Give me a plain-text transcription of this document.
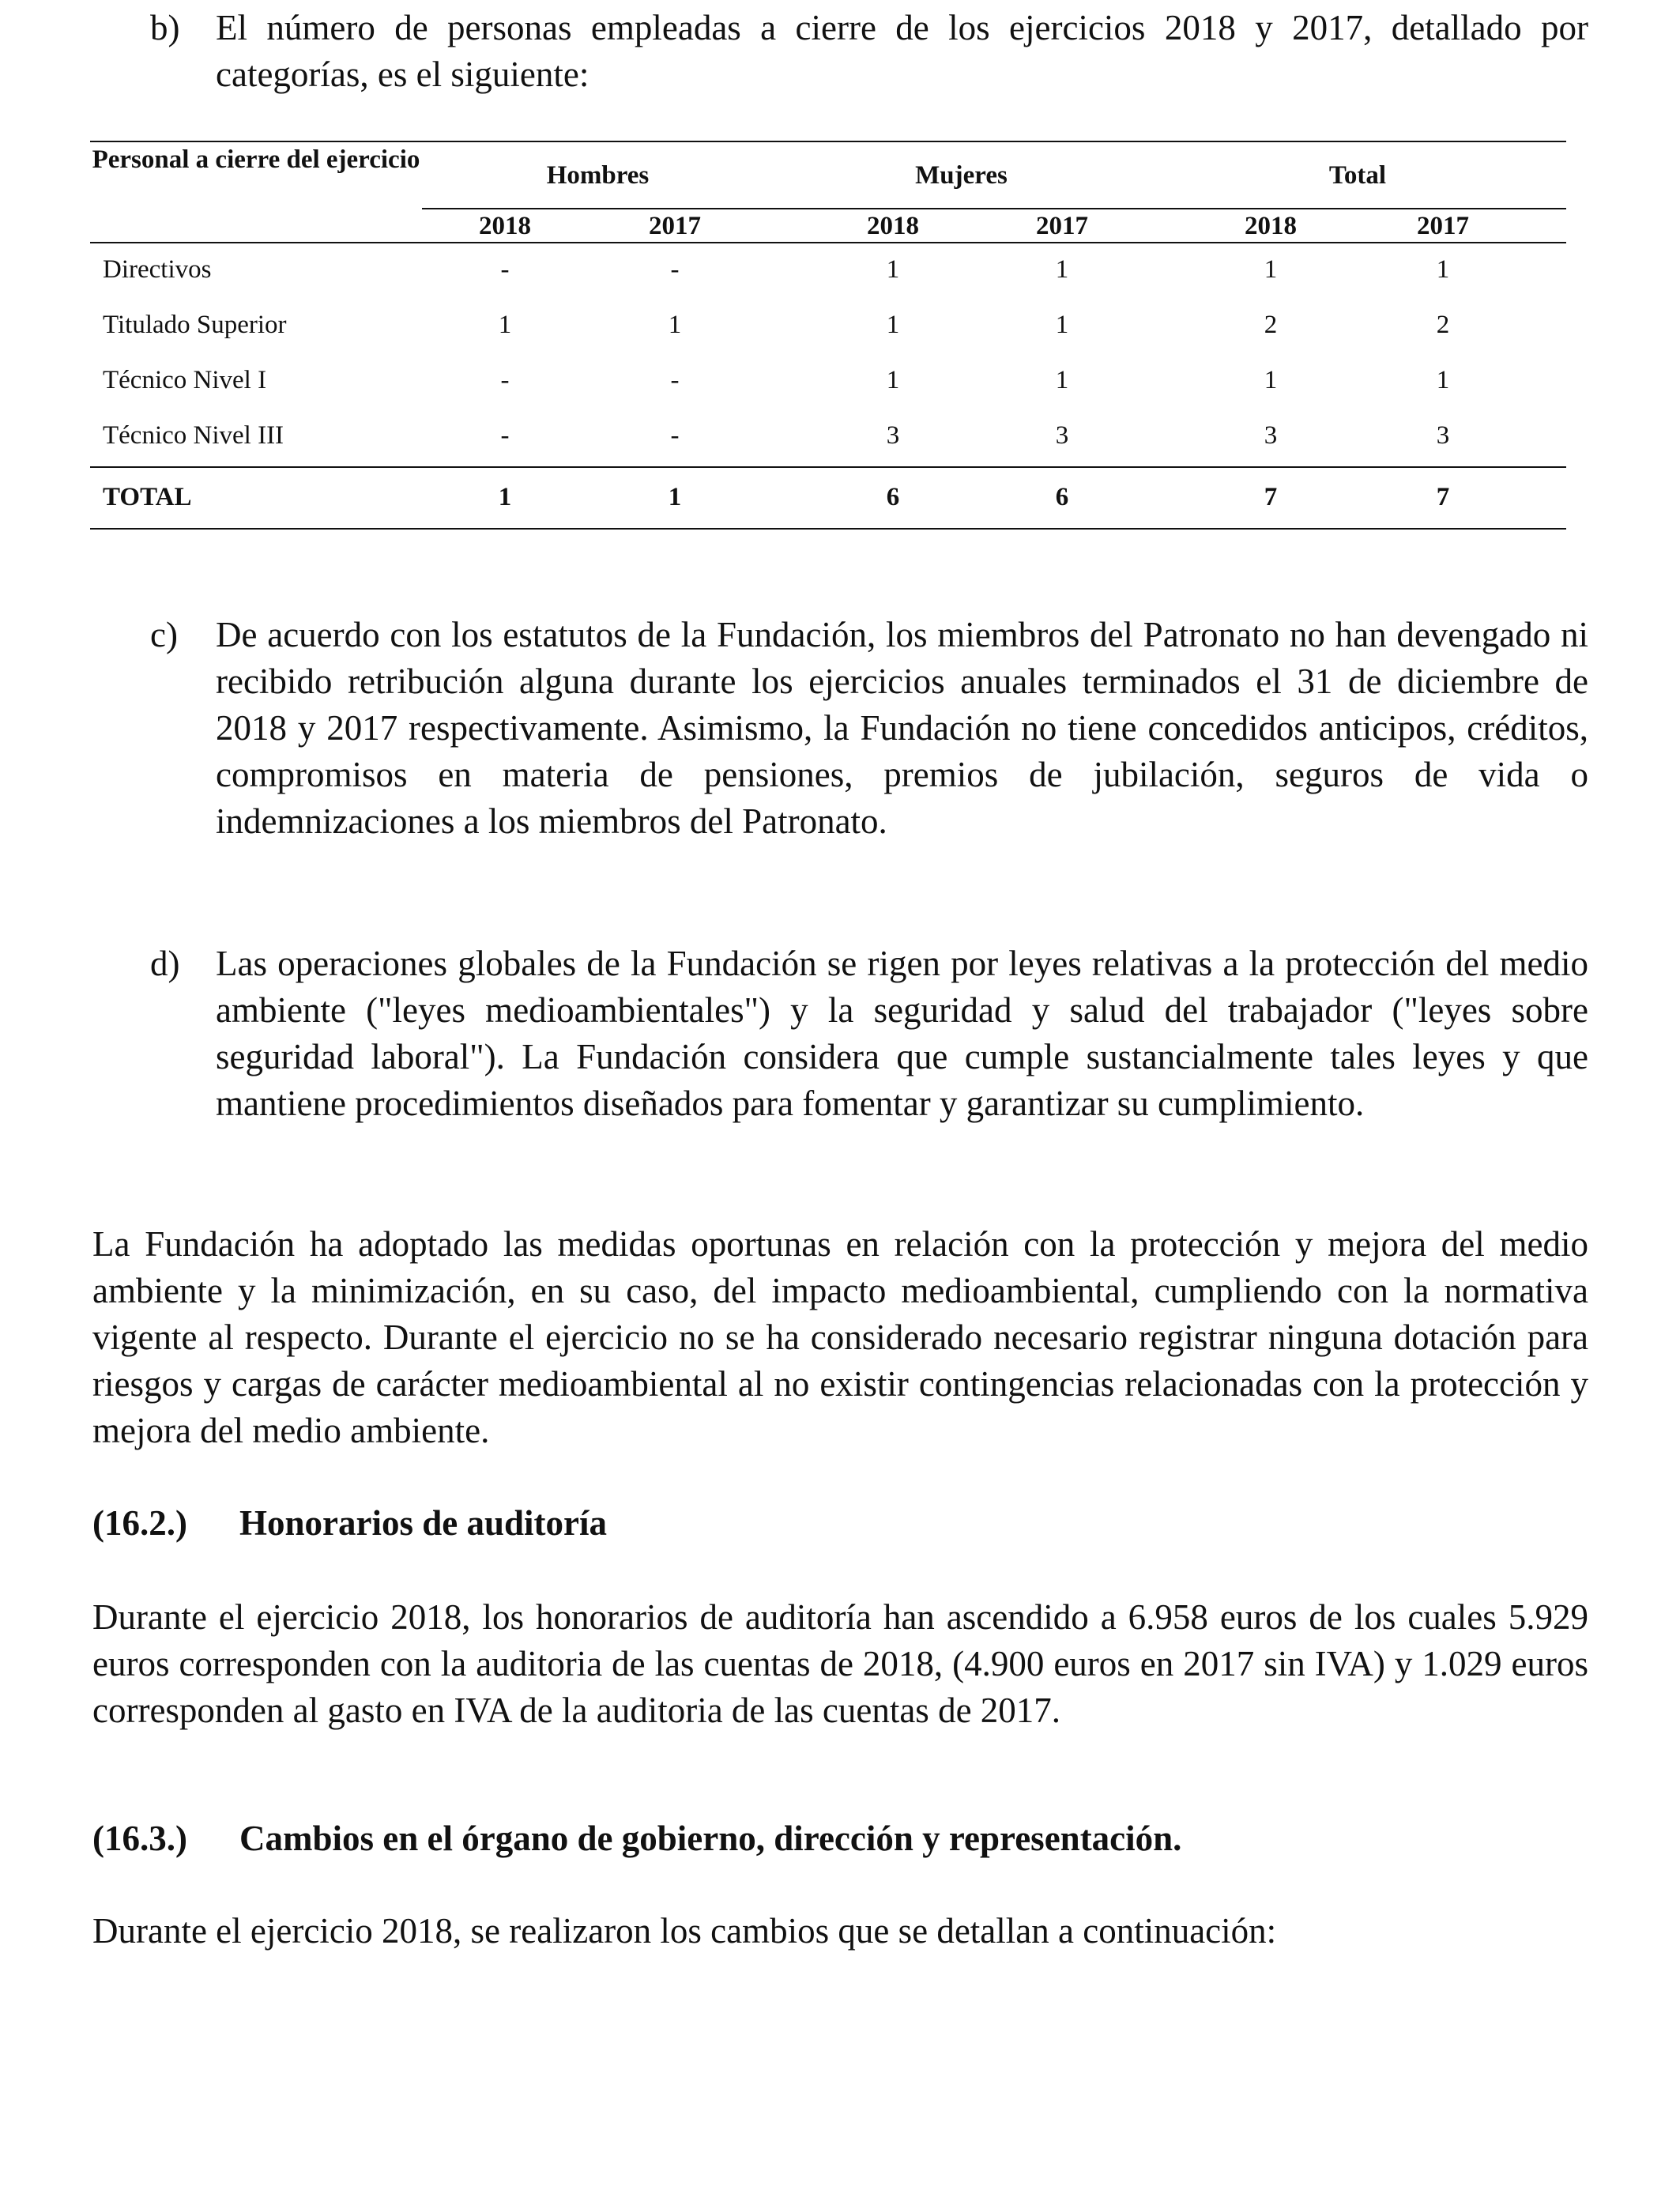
b) El número de personas empleadas a cierre de los ejercicios 2018 y 2017, detallado por categorías, es el siguiente:
Personal a cierre del ejercicio
Hombres	Mujeres	Total
2018	2017	2018	2017	2018	2017
Directivos	-	-	1	1	1	1
Titulado Superior	1	1	1	1	2	2
Técnico Nivel I	-	-	1	1	1	1
Técnico Nivel III	-	-	3	3	3	3
TOTAL	1	1	6	6	7	7
c) De acuerdo con los estatutos de la Fundación, los miembros del Patronato no han devengado ni recibido retribución alguna durante los ejercicios anuales terminados el 31 de diciembre de 2018 y 2017 respectivamente. Asimismo, la Fundación no tiene concedidos anticipos, créditos, compromisos en materia de pensiones, premios de jubilación, seguros de vida o indemnizaciones a los miembros del Patronato.
d) Las operaciones globales de la Fundación se rigen por leyes relativas a la protección del medio ambiente ("leyes medioambientales") y la seguridad y salud del trabajador ("leyes sobre seguridad laboral"). La Fundación considera que cumple sustancialmente tales leyes y que mantiene procedimientos diseñados para fomentar y garantizar su cumplimiento.
La Fundación ha adoptado las medidas oportunas en relación con la protección y mejora del medio ambiente y la minimización, en su caso, del impacto medioambiental, cumpliendo con la normativa vigente al respecto. Durante el ejercicio no se ha considerado necesario registrar ninguna dotación para riesgos y cargas de carácter medioambiental al no existir contingencias relacionadas con la protección y mejora del medio ambiente.
(16.2.) Honorarios de auditoría
Durante el ejercicio 2018, los honorarios de auditoría han ascendido a 6.958 euros de los cuales 5.929 euros corresponden con la auditoria de las cuentas de 2018, (4.900 euros en 2017 sin IVA) y 1.029 euros corresponden al gasto en IVA de la auditoria de las cuentas de 2017.
(16.3.) Cambios en el órgano de gobierno, dirección y representación.
Durante el ejercicio 2018, se realizaron los cambios que se detallan a continuación:
